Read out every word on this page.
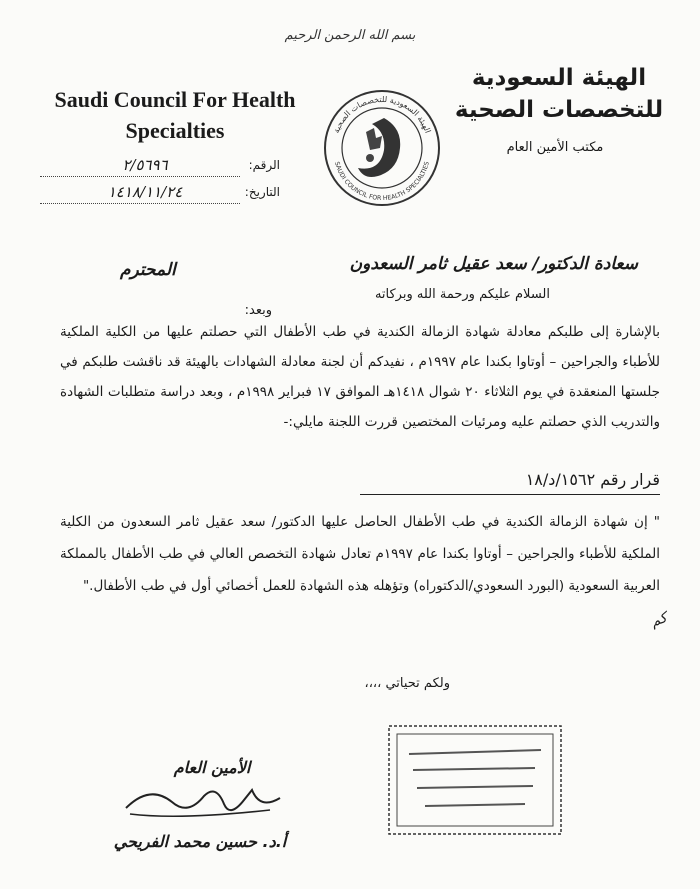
بسم الله الرحمن الرحيم
Saudi Council For Health Specialties
الهيئة السعودية
للتخصصات الصحية
مكتب الأمين العام
الهيئة السعودية للتخصصات الصحية
SAUDI COUNCIL FOR HEALTH SPECIALTIES
الرقم:
٢/٥٦٩٦
التاريخ:
١٤١٨/١١/٢٤
سعادة الدكتور/ سعد عقيل ثامر السعدون
المحترم
السلام عليكم ورحمة الله وبركاته
وبعد:
بالإشارة إلى طلبكم معادلة شهادة الزمالة الكندية في طب الأطفال التي حصلتم عليها من الكلية الملكية للأطباء والجراحين – أوتاوا بكندا عام ١٩٩٧م ، نفيدكم أن لجنة معادلة الشهادات بالهيئة قد ناقشت طلبكم في جلستها المنعقدة في يوم الثلاثاء ٢٠ شوال ١٤١٨هـ الموافق ١٧ فبراير ١٩٩٨م ، وبعد دراسة متطلبات الشهادة والتدريب الذي حصلتم عليه ومرئيات المختصين قررت اللجنة مايلي:-
قرار رقم ١٥٦٢/د/١٨
" إن شهادة الزمالة الكندية في طب الأطفال الحاصل عليها الدكتور/ سعد عقيل ثامر السعدون من الكلية الملكية للأطباء والجراحين – أوتاوا بكندا عام ١٩٩٧م تعادل شهادة التخصص العالي في طب الأطفال بالمملكة العربية السعودية (البورد السعودي/الدكتوراه) وتؤهله هذه الشهادة للعمل أخصائي أول في طب الأطفال."
كم
ولكم تحياتي ،،،،
الأمين العام
أ.د. حسين محمد الفريحي
